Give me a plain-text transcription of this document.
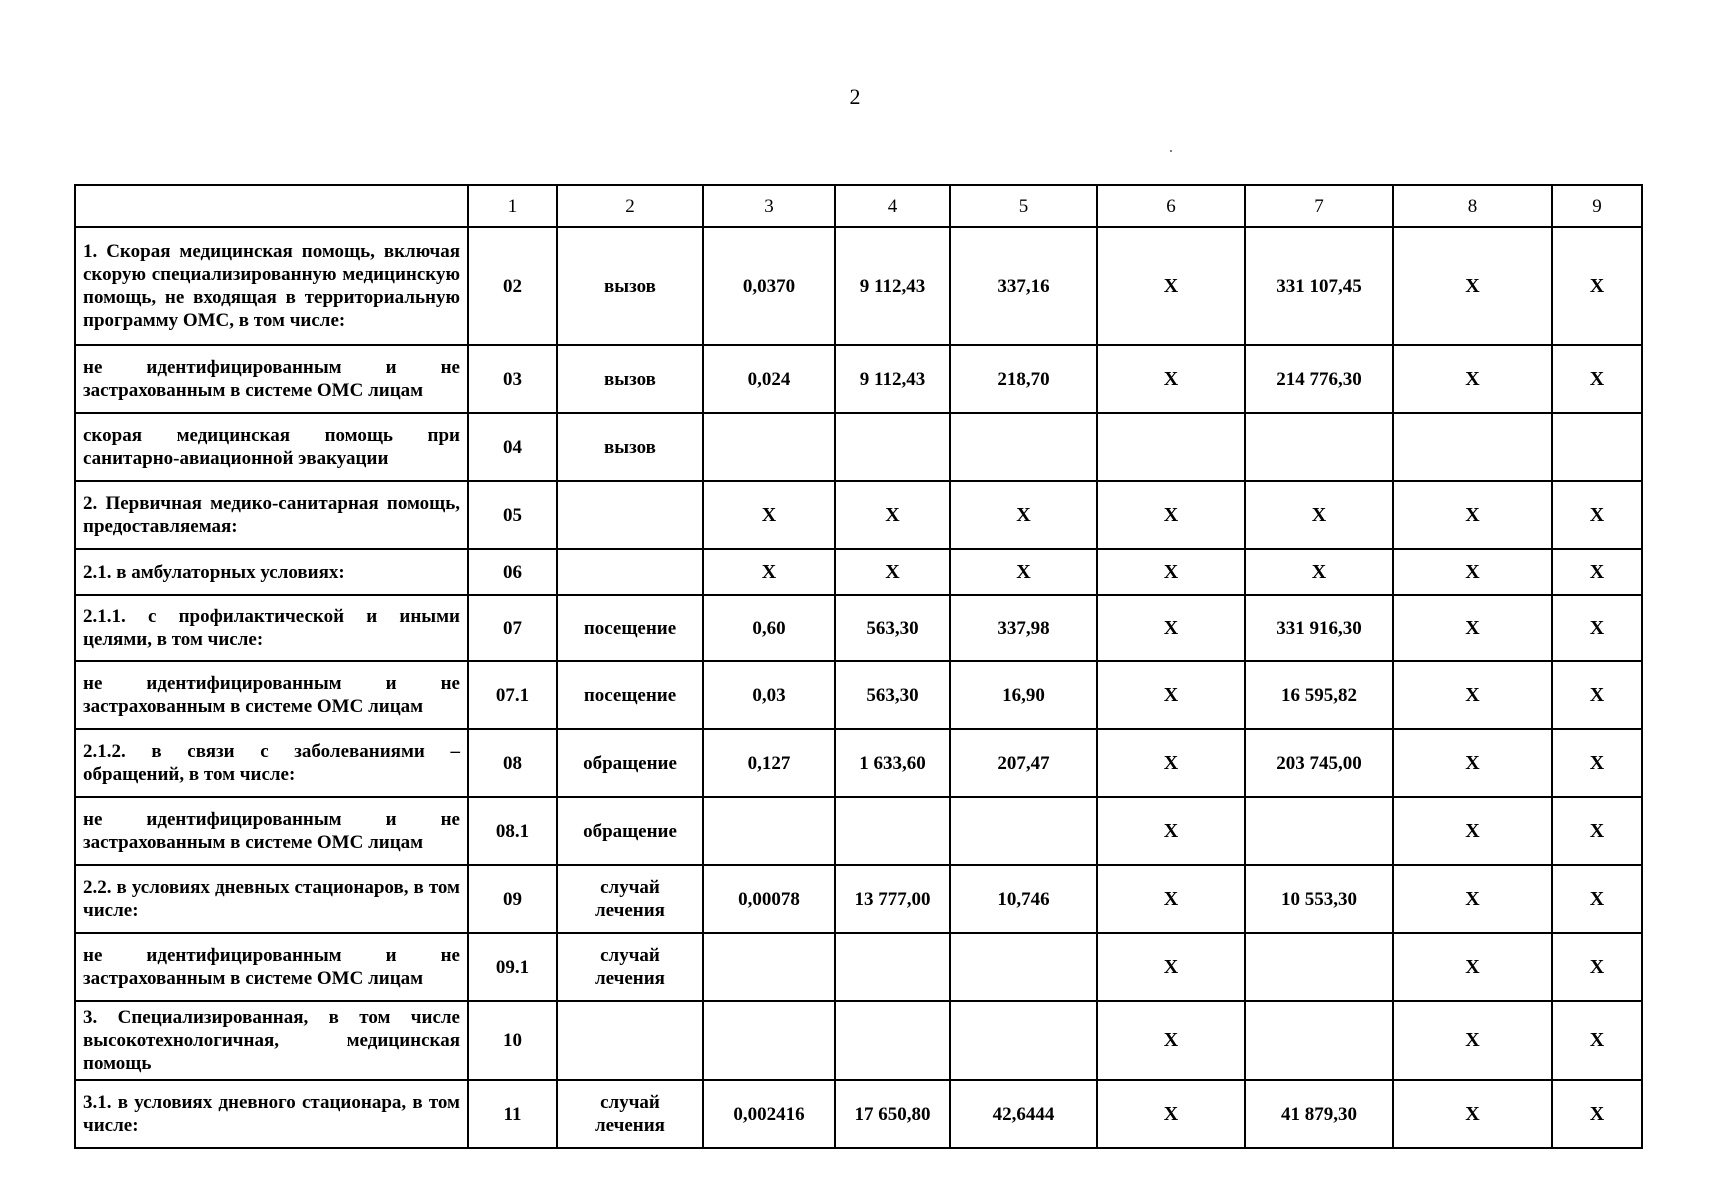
2
	1	2	3	4	5	6	7	8	9
1. Скорая медицинская помощь, включая скорую специализированную медицинскую помощь, не входящая в территориальную программу ОМС, в том числе:	02	вызов	0,0370	9 112,43	337,16	Х	331 107,45	Х	Х
не идентифицированным и не застрахованным в системе ОМС лицам	03	вызов	0,024	9 112,43	218,70	Х	214 776,30	Х	Х
скорая медицинская помощь при санитарно-авиационной эвакуации	04	вызов							
2. Первичная медико-санитарная помощь, предоставляемая:	05		Х	Х	Х	Х	Х	Х	Х
2.1. в амбулаторных условиях:	06		Х	Х	Х	Х	Х	Х	Х
2.1.1. с профилактической и иными целями, в том числе:	07	посещение	0,60	563,30	337,98	Х	331 916,30	Х	Х
не идентифицированным и не застрахованным в системе ОМС лицам	07.1	посещение	0,03	563,30	16,90	Х	16 595,82	Х	Х
2.1.2. в связи с заболеваниями – обращений, в том числе:	08	обращение	0,127	1 633,60	207,47	Х	203 745,00	Х	Х
не идентифицированным и не застрахованным в системе ОМС лицам	08.1	обращение				Х		Х	Х
2.2. в условиях дневных стационаров, в том числе:	09	случай лечения	0,00078	13 777,00	10,746	Х	10 553,30	Х	Х
не идентифицированным и не застрахованным в системе ОМС лицам	09.1	случай лечения				Х		Х	Х
3. Специализированная, в том числе высокотехнологичная, медицинская помощь	10					Х		Х	Х
3.1. в условиях дневного стационара, в том числе:	11	случай лечения	0,002416	17 650,80	42,6444	Х	41 879,30	Х	Х
